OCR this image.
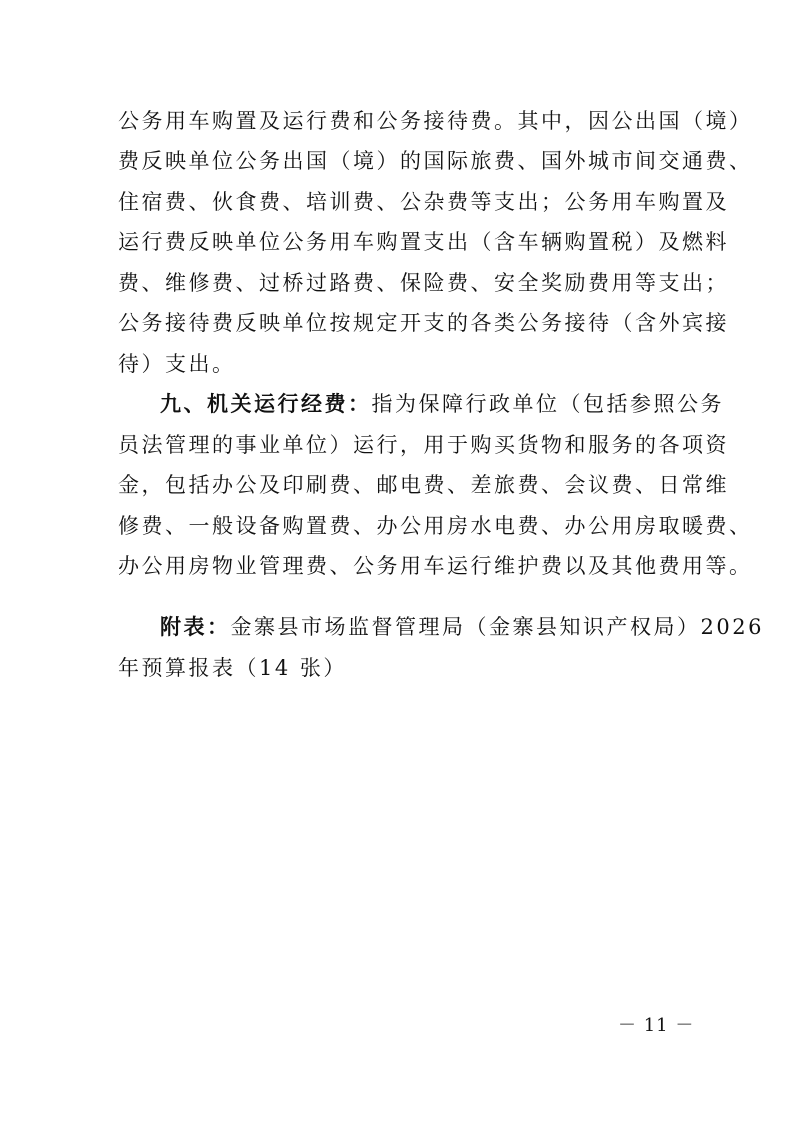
公务用车购置及运行费和公务接待费。其中，因公出国（境）
费反映单位公务出国（境）的国际旅费、国外城市间交通费、
住宿费、伙食费、培训费、公杂费等支出；公务用车购置及
运行费反映单位公务用车购置支出（含车辆购置税）及燃料
费、维修费、过桥过路费、保险费、安全奖励费用等支出；
公务接待费反映单位按规定开支的各类公务接待（含外宾接
待）支出。
九、机关运行经费：指为保障行政单位（包括参照公务
员法管理的事业单位）运行，用于购买货物和服务的各项资
金，包括办公及印刷费、邮电费、差旅费、会议费、日常维
修费、一般设备购置费、办公用房水电费、办公用房取暖费、
办公用房物业管理费、公务用车运行维护费以及其他费用等。
附表：金寨县市场监督管理局（金寨县知识产权局）2026
年预算报表（14 张）
－ 11 －
